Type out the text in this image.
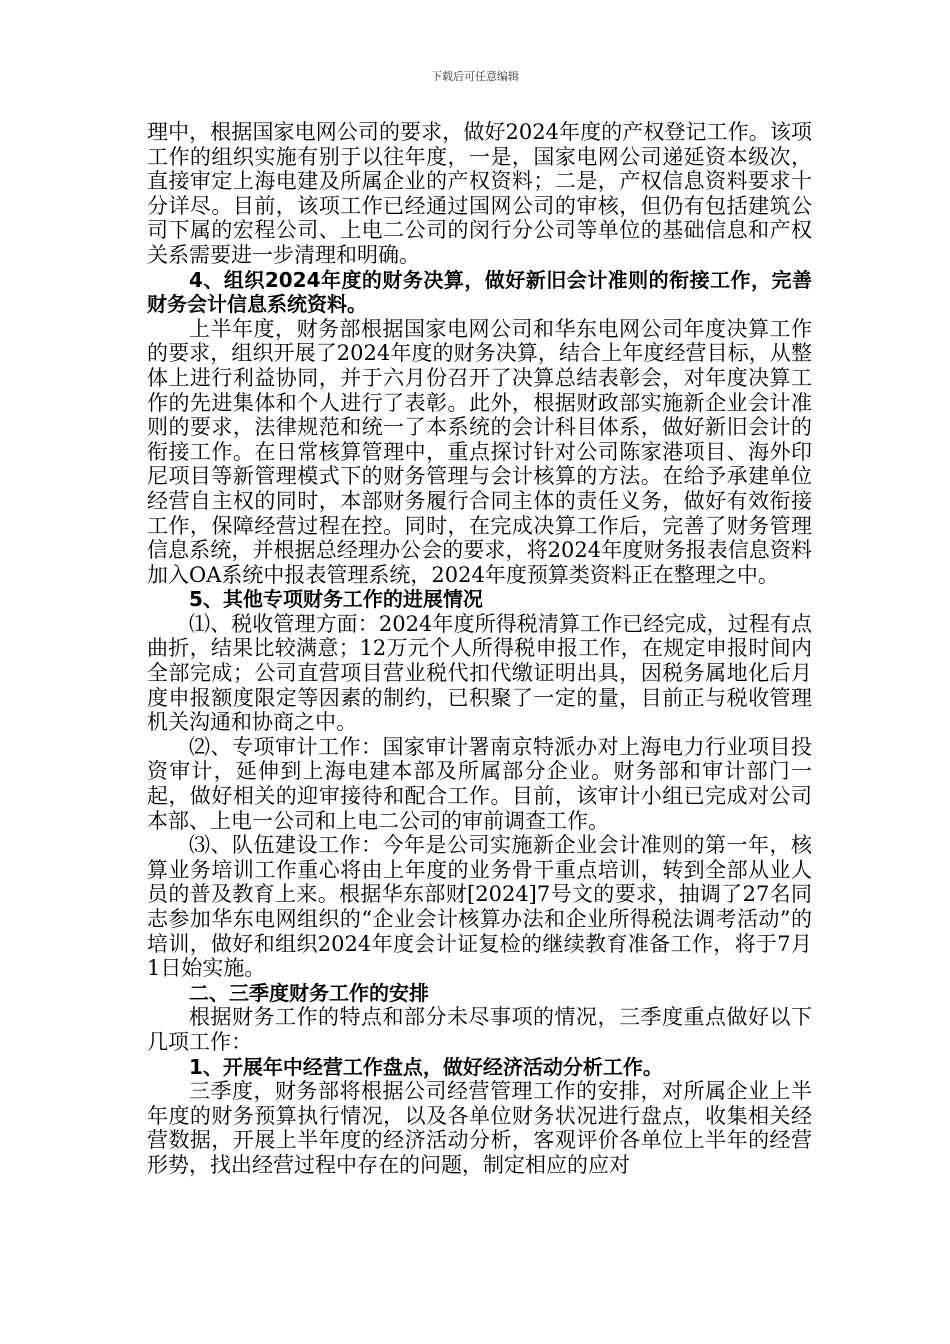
下载后可任意编辑

理中，根据国家电网公司的要求，做好2024年度的产权登记工作。该项工作的组织实施有别于以往年度，一是，国家电网公司递延资本级次，直接审定上海电建及所属企业的产权资料；二是，产权信息资料要求十分详尽。目前，该项工作已经通过国网公司的审核，但仍有包括建筑公司下属的宏程公司、上电二公司的闵行分公司等单位的基础信息和产权关系需要进一步清理和明确。

4、组织2024年度的财务决算，做好新旧会计准则的衔接工作，完善财务会计信息系统资料。

上半年度，财务部根据国家电网公司和华东电网公司年度决算工作的要求，组织开展了2024年度的财务决算，结合上年度经营目标，从整体上进行利益协同，并于六月份召开了决算总结表彰会，对年度决算工作的先进集体和个人进行了表彰。此外，根据财政部实施新企业会计准则的要求，法律规范和统一了本系统的会计科目体系，做好新旧会计的衔接工作。在日常核算管理中，重点探讨针对公司陈家港项目、海外印尼项目等新管理模式下的财务管理与会计核算的方法。在给予承建单位经营自主权的同时，本部财务履行合同主体的责任义务，做好有效衔接工作，保障经营过程在控。同时，在完成决算工作后，完善了财务管理信息系统，并根据总经理办公会的要求，将2024年度财务报表信息资料加入OA系统中报表管理系统，2024年度预算类资料正在整理之中。

5、其他专项财务工作的进展情况

⑴、税收管理方面：2024年度所得税清算工作已经完成，过程有点曲折，结果比较满意；12万元个人所得税申报工作，在规定申报时间内全部完成；公司直营项目营业税代扣代缴证明出具，因税务属地化后月度申报额度限定等因素的制约，已积聚了一定的量，目前正与税收管理机关沟通和协商之中。

⑵、专项审计工作：国家审计署南京特派办对上海电力行业项目投资审计，延伸到上海电建本部及所属部分企业。财务部和审计部门一起，做好相关的迎审接待和配合工作。目前，该审计小组已完成对公司本部、上电一公司和上电二公司的审前调查工作。

⑶、队伍建设工作：今年是公司实施新企业会计准则的第一年，核算业务培训工作重心将由上年度的业务骨干重点培训，转到全部从业人员的普及教育上来。根据华东部财[2024]7号文的要求，抽调了27名同志参加华东电网组织的“企业会计核算办法和企业所得税法调考活动”的培训，做好和组织2024年度会计证复检的继续教育准备工作，将于7月1日始实施。

二、三季度财务工作的安排

根据财务工作的特点和部分未尽事项的情况，三季度重点做好以下几项工作：

1、开展年中经营工作盘点，做好经济活动分析工作。

三季度，财务部将根据公司经营管理工作的安排，对所属企业上半年度的财务预算执行情况，以及各单位财务状况进行盘点，收集相关经营数据，开展上半年度的经济活动分析，客观评价各单位上半年的经营形势，找出经营过程中存在的问题，制定相应的应对
